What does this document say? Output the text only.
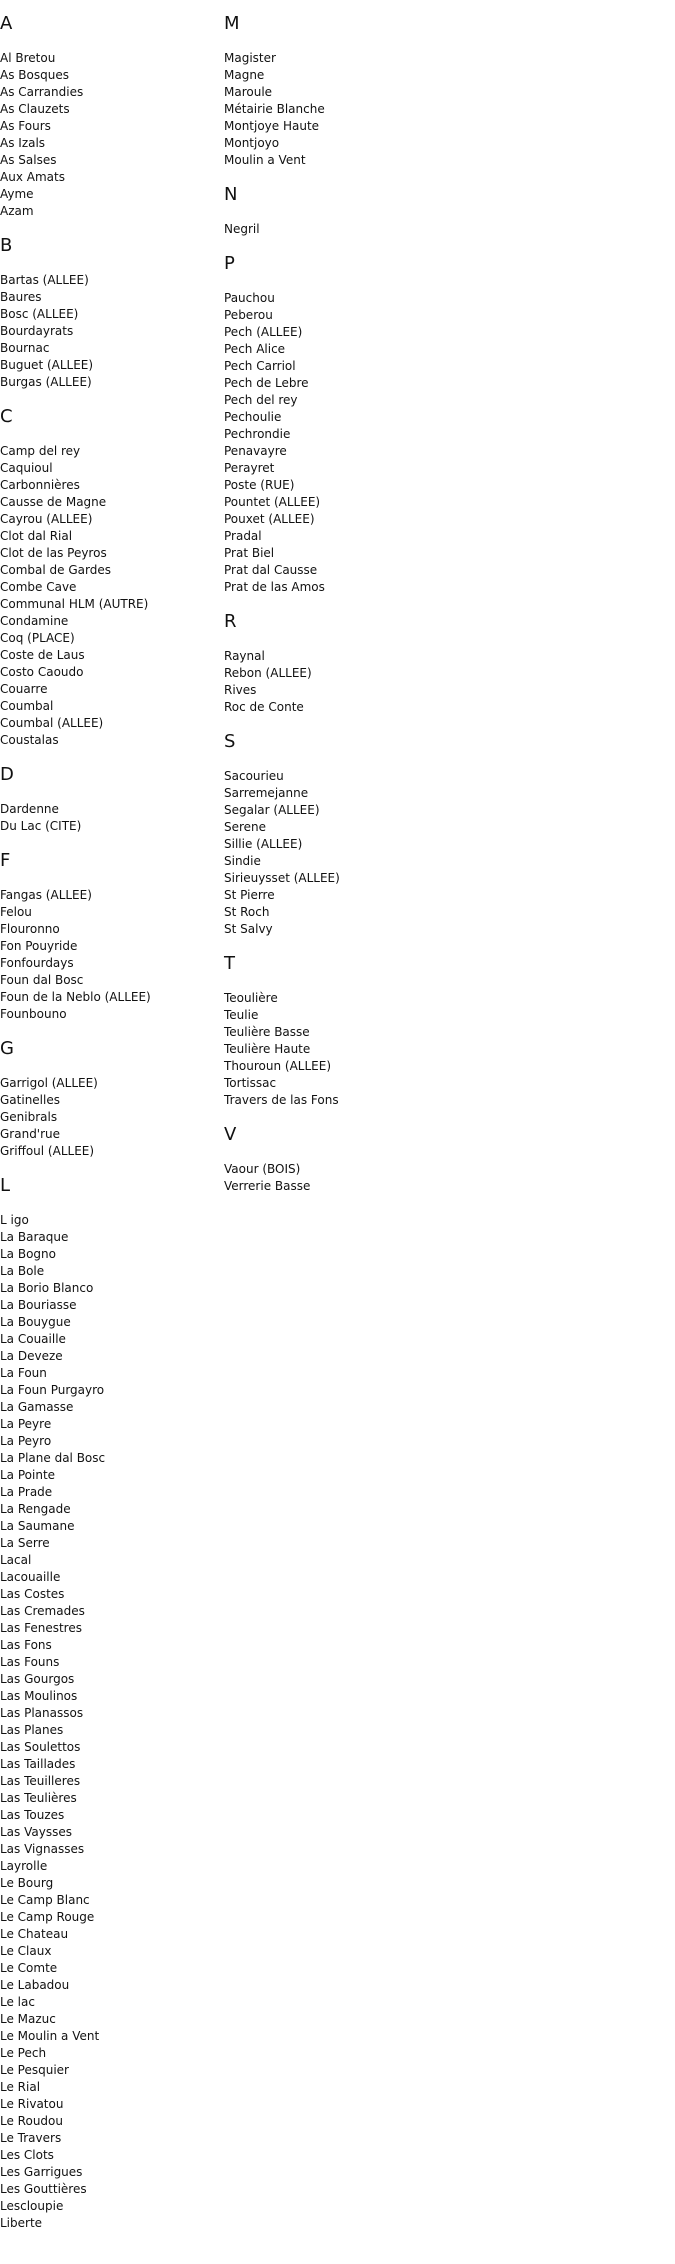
A
Al Bretou
As Bosques
As Carrandies
As Clauzets
As Fours
As Izals
As Salses
Aux Amats
Ayme
Azam
B
Bartas (ALLEE)
Baures
Bosc (ALLEE)
Bourdayrats
Bournac
Buguet (ALLEE)
Burgas (ALLEE)
C
Camp del rey
Caquioul
Carbonnières
Causse de Magne
Cayrou (ALLEE)
Clot dal Rial
Clot de las Peyros
Combal de Gardes
Combe Cave
Communal HLM (AUTRE)
Condamine
Coq (PLACE)
Coste de Laus
Costo Caoudo
Couarre
Coumbal
Coumbal (ALLEE)
Coustalas
D
Dardenne
Du Lac (CITE)
F
Fangas (ALLEE)
Felou
Flouronno
Fon Pouyride
Fonfourdays
Foun dal Bosc
Foun de la Neblo (ALLEE)
Founbouno
G
Garrigol (ALLEE)
Gatinelles
Genibrals
Grand'rue
Griffoul (ALLEE)
L
L igo
La Baraque
La Bogno
La Bole
La Borio Blanco
La Bouriasse
La Bouygue
La Couaille
La Deveze
La Foun
La Foun Purgayro
La Gamasse
La Peyre
La Peyro
La Plane dal Bosc
La Pointe
La Prade
La Rengade
La Saumane
La Serre
Lacal
Lacouaille
Las Costes
Las Cremades
Las Fenestres
Las Fons
Las Founs
Las Gourgos
Las Moulinos
Las Planassos
Las Planes
Las Soulettos
Las Taillades
Las Teuilleres
Las Teulières
Las Touzes
Las Vaysses
Las Vignasses
Layrolle
Le Bourg
Le Camp Blanc
Le Camp Rouge
Le Chateau
Le Claux
Le Comte
Le Labadou
Le lac
Le Mazuc
Le Moulin a Vent
Le Pech
Le Pesquier
Le Rial
Le Rivatou
Le Roudou
Le Travers
Les Clots
Les Garrigues
Les Gouttières
Lescloupie
Liberte
M
Magister
Magne
Maroule
Métairie Blanche
Montjoye Haute
Montjoyo
Moulin a Vent
N
Negril
P
Pauchou
Peberou
Pech (ALLEE)
Pech Alice
Pech Carriol
Pech de Lebre
Pech del rey
Pechoulie
Pechrondie
Penavayre
Perayret
Poste (RUE)
Pountet (ALLEE)
Pouxet (ALLEE)
Pradal
Prat Biel
Prat dal Causse
Prat de las Amos
R
Raynal
Rebon (ALLEE)
Rives
Roc de Conte
S
Sacourieu
Sarremejanne
Segalar (ALLEE)
Serene
Sillie (ALLEE)
Sindie
Sirieuysset (ALLEE)
St Pierre
St Roch
St Salvy
T
Teoulière
Teulie
Teulière Basse
Teulière Haute
Thouroun (ALLEE)
Tortissac
Travers de las Fons
V
Vaour (BOIS)
Verrerie Basse
